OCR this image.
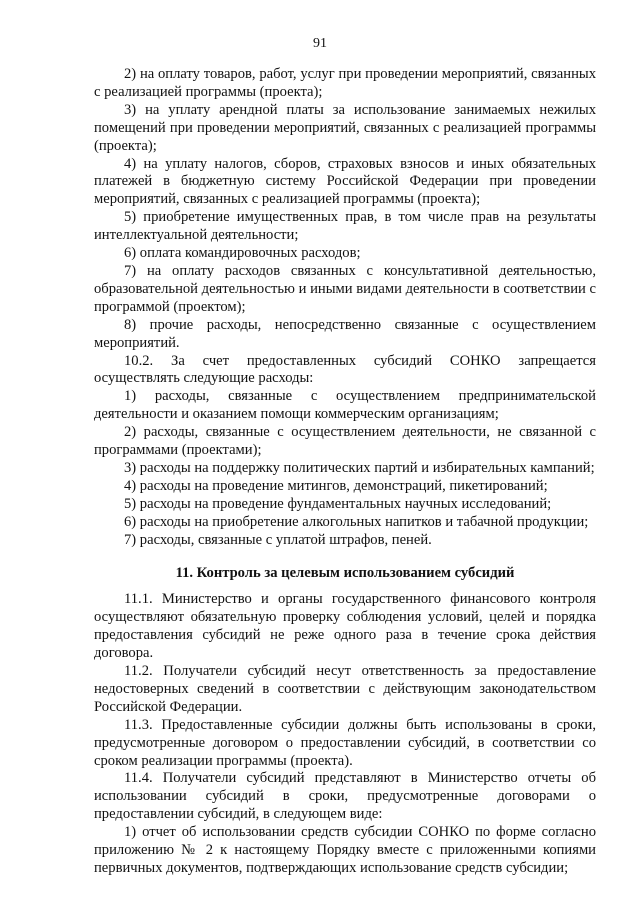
91

2) на оплату товаров, работ, услуг при проведении мероприятий, связанных с реализацией программы (проекта);

3) на уплату арендной платы за использование занимаемых нежилых помещений при проведении мероприятий, связанных с реализацией программы (проекта);

4) на уплату налогов, сборов, страховых взносов и иных обязательных платежей в бюджетную систему Российской Федерации при проведении мероприятий, связанных с реализацией программы (проекта);

5) приобретение имущественных прав, в том числе прав на результаты интеллектуальной деятельности;

6) оплата командировочных расходов;

7) на оплату расходов связанных с консультативной деятельностью, образовательной деятельностью и иными видами деятельности в соответствии с программой (проектом);

8) прочие расходы, непосредственно связанные с осуществлением мероприятий.

10.2. За счет предоставленных субсидий СОНКО запрещается осуществлять следующие расходы:

1) расходы, связанные с осуществлением предпринимательской деятельности и оказанием помощи коммерческим организациям;

2) расходы, связанные с осуществлением деятельности, не связанной с программами (проектами);

3) расходы на поддержку политических партий и избирательных кампаний;

4) расходы на проведение митингов, демонстраций, пикетирований;

5) расходы на проведение фундаментальных научных исследований;

6) расходы на приобретение алкогольных напитков и табачной продукции;

7) расходы, связанные с уплатой штрафов, пеней.

11. Контроль за целевым использованием субсидий

11.1. Министерство и органы государственного финансового контроля осуществляют обязательную проверку соблюдения условий, целей и порядка предоставления субсидий не реже одного раза в течение срока действия договора.

11.2. Получатели субсидий несут ответственность за предоставление недостоверных сведений в соответствии с действующим законодательством Российской Федерации.

11.3. Предоставленные субсидии должны быть использованы в сроки, предусмотренные договором о предоставлении субсидий, в соответствии со сроком реализации программы (проекта).

11.4. Получатели субсидий представляют в Министерство отчеты об использовании субсидий в сроки, предусмотренные договорами о предоставлении субсидий, в следующем виде:

1) отчет об использовании средств субсидии СОНКО по форме согласно приложению № 2 к настоящему Порядку вместе с приложенными копиями первичных документов, подтверждающих использование средств субсидии;
